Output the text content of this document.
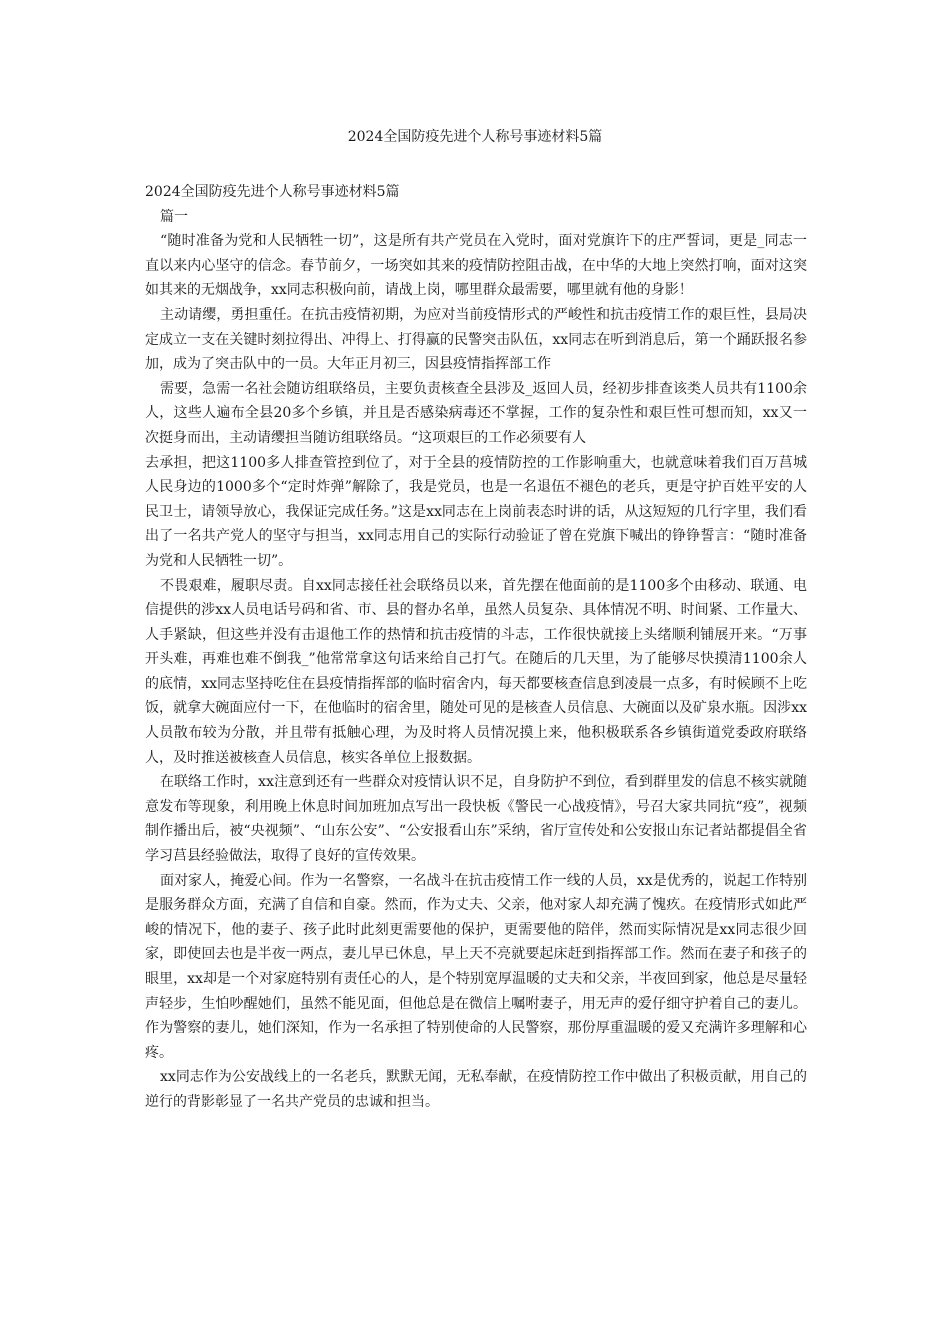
2024全国防疫先进个人称号事迹材料5篇

2024全国防疫先进个人称号事迹材料5篇

篇一

“随时准备为党和人民牺牲一切”，这是所有共产党员在入党时，面对党旗许下的庄严誓词，更是_同志一直以来内心坚守的信念。春节前夕，一场突如其来的疫情防控阻击战，在中华的大地上突然打响，面对这突如其来的无烟战争，xx同志积极向前，请战上岗，哪里群众最需要，哪里就有他的身影！

主动请缨，勇担重任。在抗击疫情初期，为应对当前疫情形式的严峻性和抗击疫情工作的艰巨性，县局决定成立一支在关键时刻拉得出、冲得上、打得赢的民警突击队伍，xx同志在听到消息后，第一个踊跃报名参加，成为了突击队中的一员。大年正月初三，因县疫情指挥部工作

需要，急需一名社会随访组联络员，主要负责核查全县涉及_返回人员，经初步排查该类人员共有1100余人，这些人遍布全县20多个乡镇，并且是否感染病毒还不掌握，工作的复杂性和艰巨性可想而知，xx又一次挺身而出，主动请缨担当随访组联络员。“这项艰巨的工作必须要有人

去承担，把这1100多人排查管控到位了，对于全县的疫情防控的工作影响重大，也就意味着我们百万莒城人民身边的1000多个“定时炸弹”解除了，我是党员，也是一名退伍不褪色的老兵，更是守护百姓平安的人民卫士，请领导放心，我保证完成任务。”这是xx同志在上岗前表态时讲的话，从这短短的几行字里，我们看出了一名共产党人的坚守与担当，xx同志用自己的实际行动验证了曾在党旗下喊出的铮铮誓言：“随时准备为党和人民牺牲一切”。

不畏艰难，履职尽责。自xx同志接任社会联络员以来，首先摆在他面前的是1100多个由移动、联通、电信提供的涉xx人员电话号码和省、市、县的督办名单，虽然人员复杂、具体情况不明、时间紧、工作量大、人手紧缺，但这些并没有击退他工作的热情和抗击疫情的斗志，工作很快就接上头绪顺利铺展开来。“万事开头难，再难也难不倒我_”他常常拿这句话来给自己打气。在随后的几天里，为了能够尽快摸清1100余人的底情，xx同志坚持吃住在县疫情指挥部的临时宿舍内，每天都要核查信息到凌晨一点多，有时候顾不上吃饭，就拿大碗面应付一下，在他临时的宿舍里，随处可见的是核查人员信息、大碗面以及矿泉水瓶。因涉xx人员散布较为分散，并且带有抵触心理，为及时将人员情况摸上来，他积极联系各乡镇街道党委政府联络人，及时推送被核查人员信息，核实各单位上报数据。

在联络工作时，xx注意到还有一些群众对疫情认识不足，自身防护不到位，看到群里发的信息不核实就随意发布等现象，利用晚上休息时间加班加点写出一段快板《警民一心战疫情》，号召大家共同抗“疫”，视频制作播出后，被“央视频”、“山东公安”、“公安报看山东”采纳，省厅宣传处和公安报山东记者站都提倡全省学习莒县经验做法，取得了良好的宣传效果。

面对家人，掩爱心间。作为一名警察，一名战斗在抗击疫情工作一线的人员，xx是优秀的，说起工作特别是服务群众方面，充满了自信和自豪。然而，作为丈夫、父亲，他对家人却充满了愧疚。在疫情形式如此严峻的情况下，他的妻子、孩子此时此刻更需要他的保护，更需要他的陪伴，然而实际情况是xx同志很少回家，即使回去也是半夜一两点，妻儿早已休息，早上天不亮就要起床赶到指挥部工作。然而在妻子和孩子的眼里，xx却是一个对家庭特别有责任心的人，是个特别宽厚温暖的丈夫和父亲，半夜回到家，他总是尽量轻声轻步，生怕吵醒她们，虽然不能见面，但他总是在微信上嘱咐妻子，用无声的爱仔细守护着自己的妻儿。作为警察的妻儿，她们深知，作为一名承担了特别使命的人民警察，那份厚重温暖的爱又充满许多理解和心疼。

xx同志作为公安战线上的一名老兵，默默无闻，无私奉献，在疫情防控工作中做出了积极贡献，用自己的逆行的背影彰显了一名共产党员的忠诚和担当。
